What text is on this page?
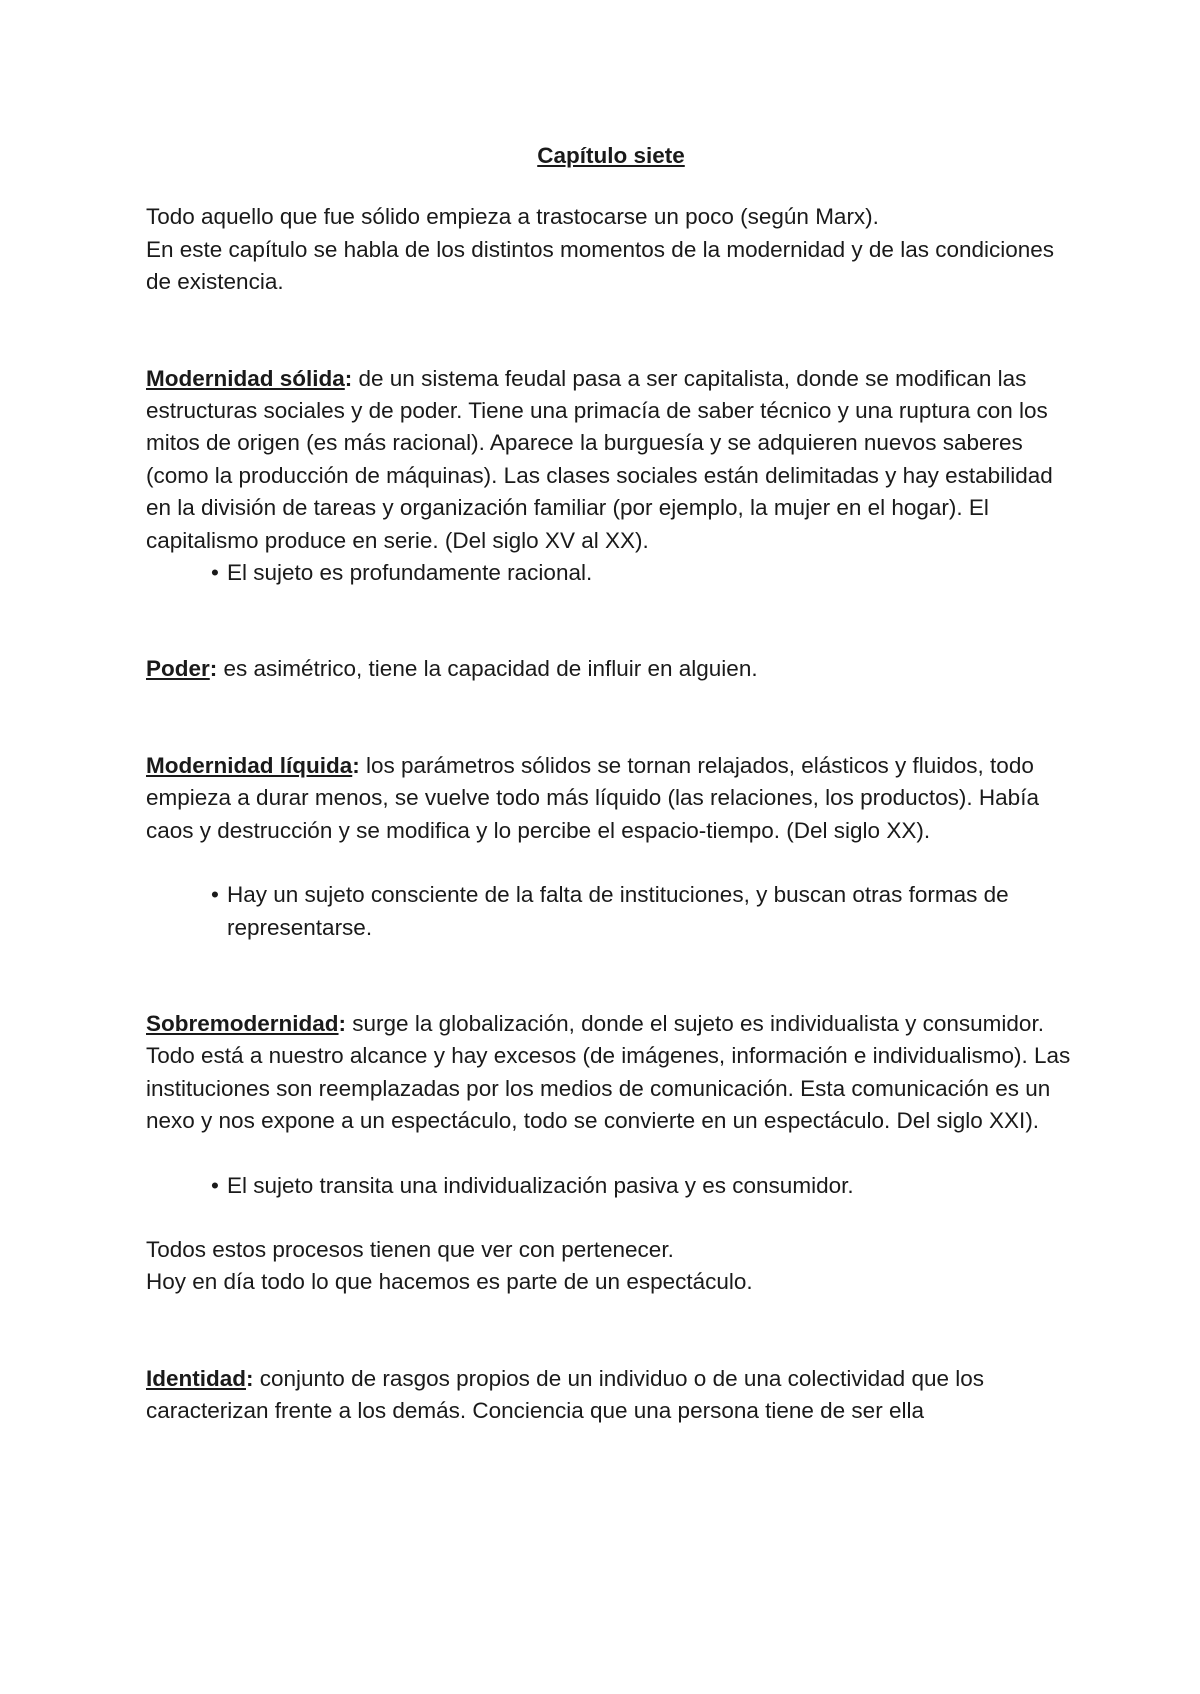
Capítulo siete

Todo aquello que fue sólido empieza a trastocarse un poco (según Marx).

En este capítulo se habla de los distintos momentos de la modernidad y de las condiciones de existencia.

Modernidad sólida: de un sistema feudal pasa a ser capitalista, donde se modifican las estructuras sociales y de poder. Tiene una primacía de saber técnico y una ruptura con los mitos de origen (es más racional). Aparece la burguesía y se adquieren nuevos saberes (como la producción de máquinas). Las clases sociales están delimitadas y hay estabilidad en la división de tareas y organización familiar (por ejemplo, la mujer en el hogar). El capitalismo produce en serie. (Del siglo XV al XX).

• El sujeto es profundamente racional.

Poder: es asimétrico, tiene la capacidad de influir en alguien.

Modernidad líquida: los parámetros sólidos se tornan relajados, elásticos y fluidos, todo empieza a durar menos, se vuelve todo más líquido (las relaciones, los productos). Había caos y destrucción y se modifica y lo percibe el espacio-tiempo. (Del siglo XX).

• Hay un sujeto consciente de la falta de instituciones, y buscan otras formas de representarse.

Sobremodernidad: surge la globalización, donde el sujeto es individualista y consumidor. Todo está a nuestro alcance y hay excesos (de imágenes, información e individualismo). Las instituciones son reemplazadas por los medios de comunicación. Esta comunicación es un nexo y nos expone a un espectáculo, todo se convierte en un espectáculo. Del siglo XXI).

• El sujeto transita una individualización pasiva y es consumidor.

Todos estos procesos tienen que ver con pertenecer.

Hoy en día todo lo que hacemos es parte de un espectáculo.

Identidad: conjunto de rasgos propios de un individuo o de una colectividad que los caracterizan frente a los demás. Conciencia que una persona tiene de ser ella
